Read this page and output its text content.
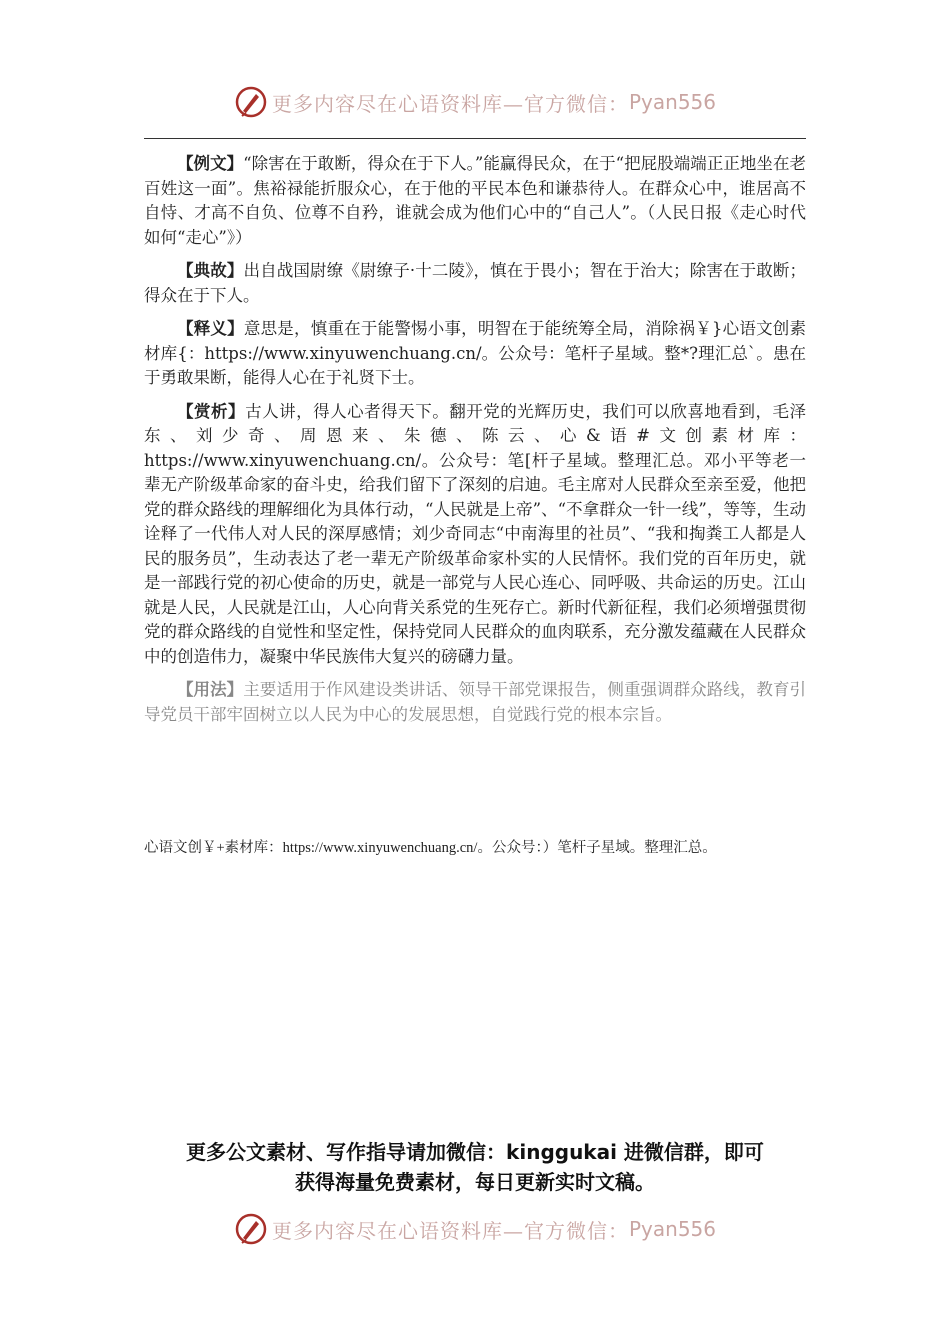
更多内容尽在心语资料库—官方微信： Pyan556

【例文】“除害在于敢断，得众在于下人。”能赢得民众，在于“把屁股端端正正地坐在老百姓这一面”。焦裕禄能折服众心，在于他的平民本色和谦恭待人。在群众心中，谁居高不自恃、才高不自负、位尊不自矜，谁就会成为他们心中的“自己人”。（人民日报《走心时代如何“走心”》）

【典故】出自战国尉缭《尉缭子·十二陵》，慎在于畏小；智在于治大；除害在于敢断；得众在于下人。

【释义】意思是，慎重在于能警惕小事，明智在于能统筹全局，消除祸￥}心语文创素材库{：https://www.xinyuwenchuang.cn/。公众号：笔杆子星域。整*?理汇总`。患在于勇敢果断，能得人心在于礼贤下士。

【赏析】古人讲，得人心者得天下。翻开党的光辉历史，我们可以欣喜地看到，毛泽东、刘少奇、周恩来、朱德、陈云、心&语#文创素材库：https://www.xinyuwenchuang.cn/。公众号：笔[杆子星域。整理汇总。邓小平等老一辈无产阶级革命家的奋斗史，给我们留下了深刻的启迪。毛主席对人民群众至亲至爱，他把党的群众路线的理解细化为具体行动，“人民就是上帝”、“不拿群众一针一线”，等等，生动诠释了一代伟人对人民的深厚感情；刘少奇同志“中南海里的社员”、“我和掏粪工人都是人民的服务员”，生动表达了老一辈无产阶级革命家朴实的人民情怀。我们党的百年历史，就是一部践行党的初心使命的历史，就是一部党与人民心连心、同呼吸、共命运的历史。江山就是人民，人民就是江山，人心向背关系党的生死存亡。新时代新征程，我们必须增强贯彻党的群众路线的自觉性和坚定性，保持党同人民群众的血肉联系，充分激发蕴藏在人民群众中的创造伟力，凝聚中华民族伟大复兴的磅礴力量。

【用法】主要适用于作风建设类讲话、领导干部党课报告，侧重强调群众路线，教育引导党员干部牢固树立以人民为中心的发展思想，自觉践行党的根本宗旨。

心语文创￥+素材库：https://www.xinyuwenchuang.cn/。公众号：）笔杆子星域。整理汇总。
更多公文素材、写作指导请加微信：kinggukai 进微信群，即可
获得海量免费素材，每日更新实时文稿。
更多内容尽在心语资料库—官方微信： Pyan556
